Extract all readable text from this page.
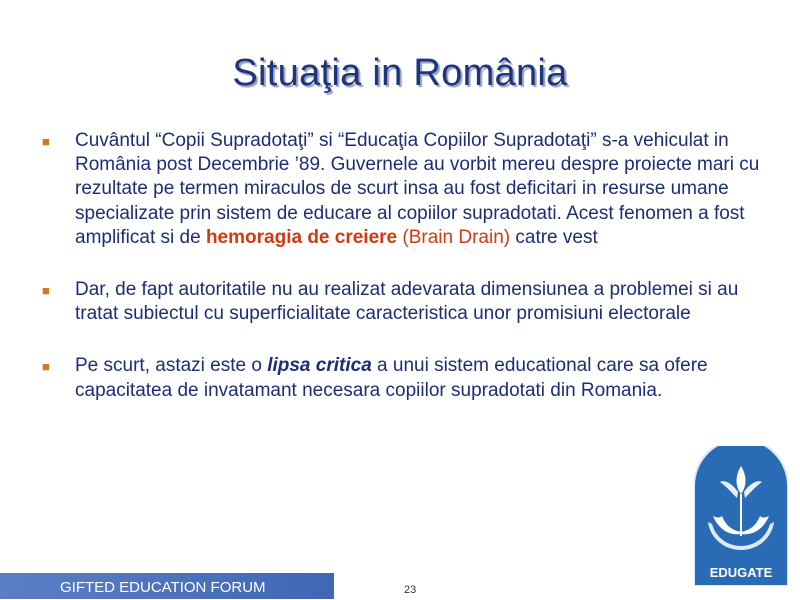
Situaţia in România
■ Cuvântul “Copii Supradotaţi” si “Educaţia Copiilor Supradotaţi” s-a vehiculat in România post Decembrie ’89. Guvernele au vorbit mereu despre proiecte mari cu rezultate pe termen miraculos de scurt insa au fost deficitari in resurse umane specializate prin sistem de educare al copiilor supradotati. Acest fenomen a fost amplificat si de hemoragia de creiere (Brain Drain) catre vest
■ Dar, de fapt autoritatile nu au realizat adevarata dimensiunea a problemei si au tratat subiectul cu superficialitate caracteristica unor promisiuni electorale
■ Pe scurt, astazi este o lipsa critica a unui sistem educational care sa ofere capacitatea de invatamant necesara copiilor supradotati din Romania.
GIFTED EDUCATION FORUM	23
EDUGATE
